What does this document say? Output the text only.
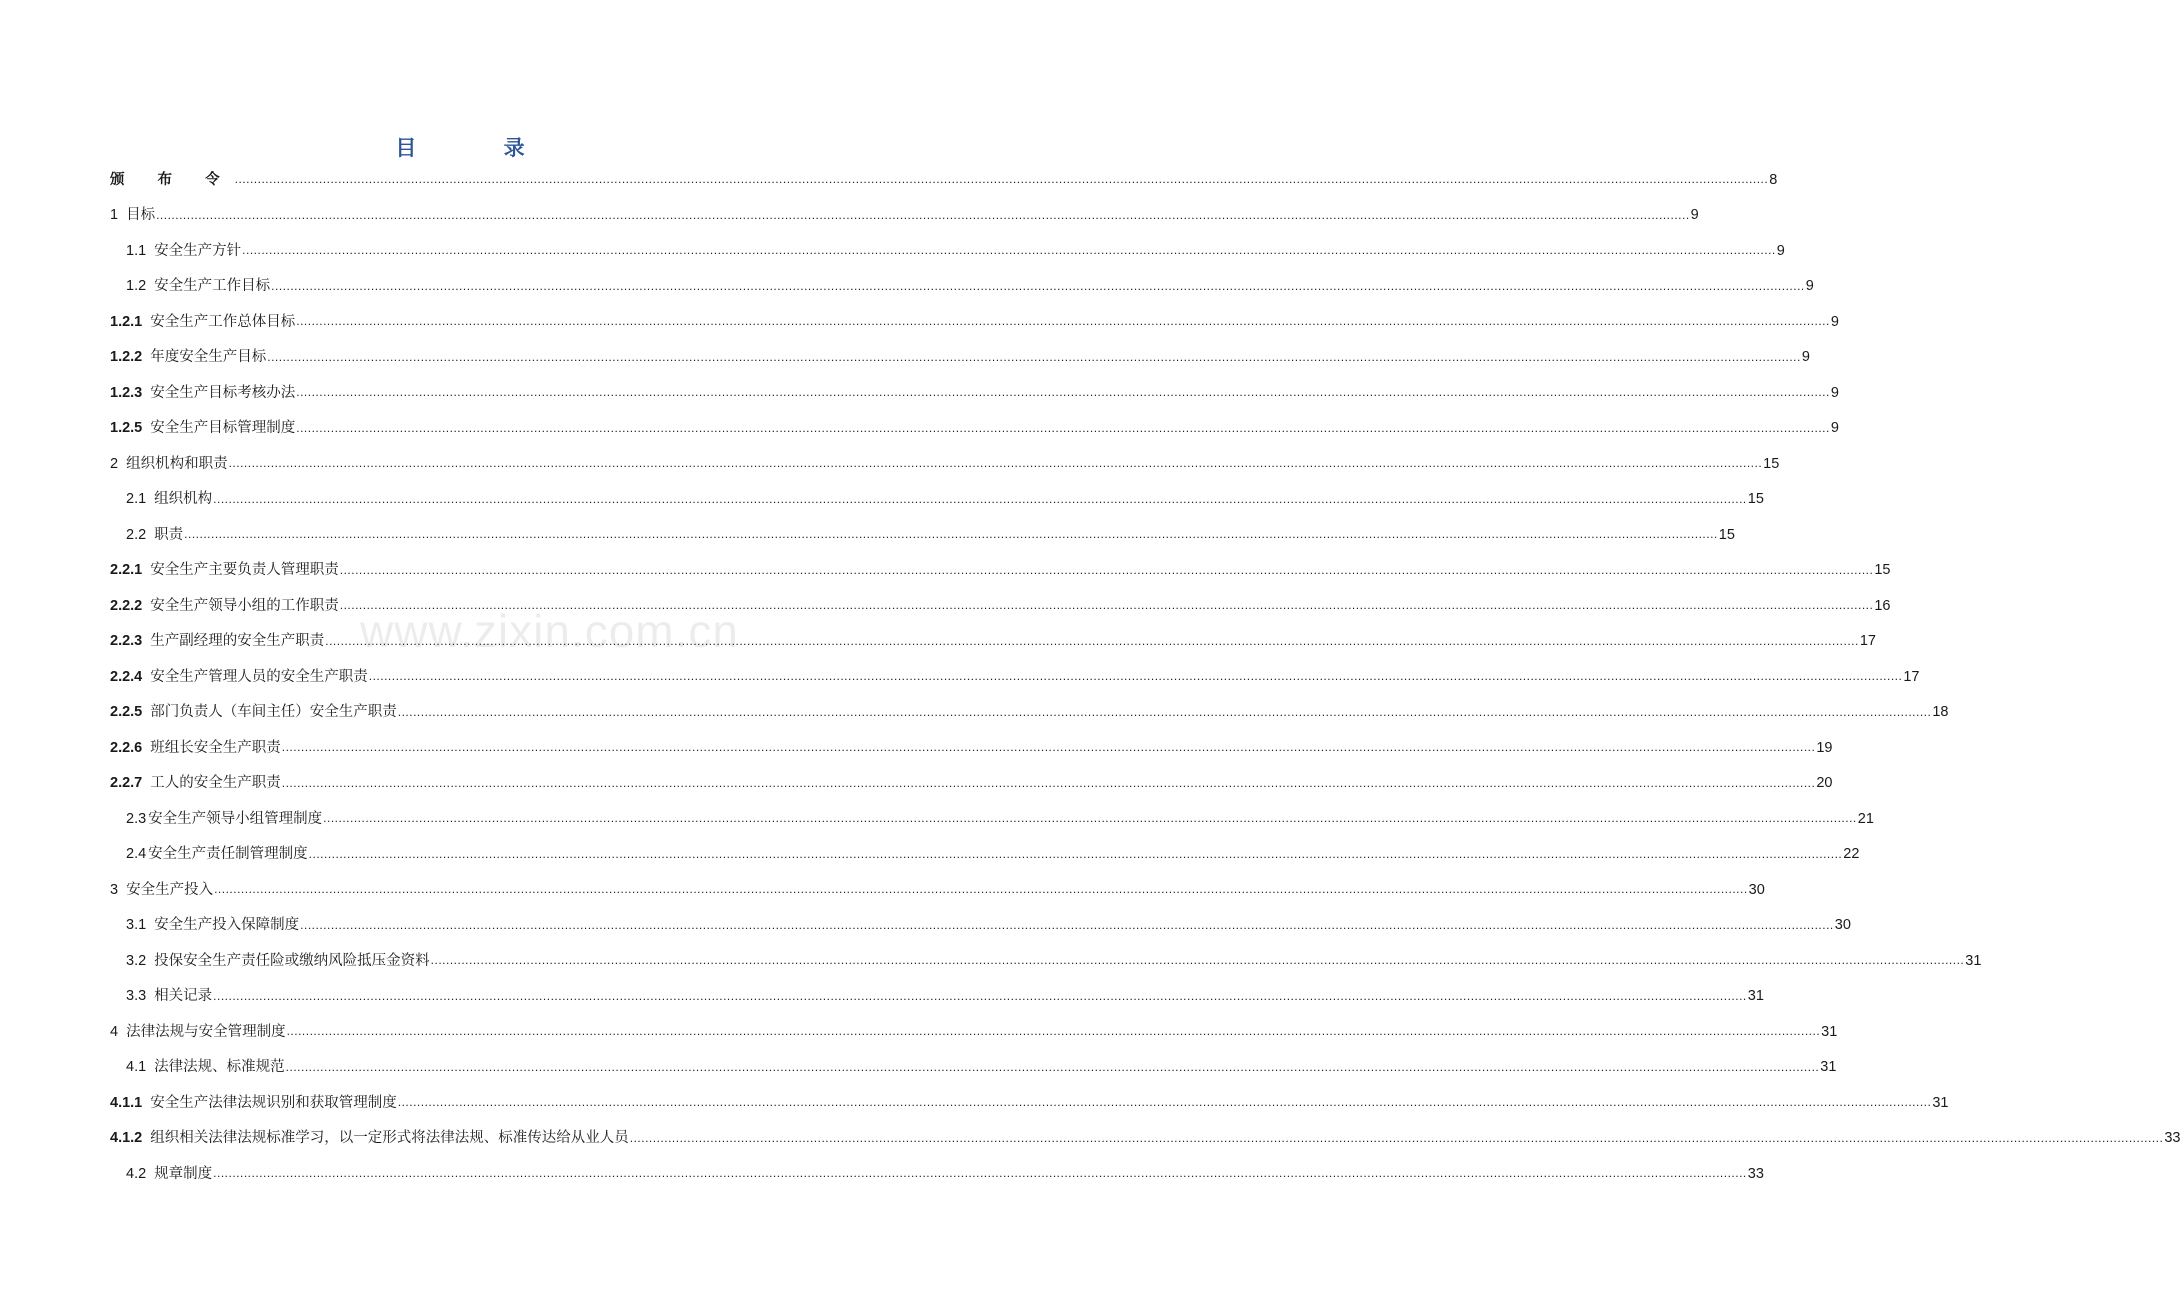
www.zixin.com.cn
目 录
颁 布 令 ................................................................................................................................................................................................................................................................................................................................................................................................................ 8
1 目标 ................................................................................................................................................................................................................................................................................................................................................................................................................ 9
1.1 安全生产方针 ................................................................................................................................................................................................................................................................................................................................................................................................................ 9
1.2 安全生产工作目标 ................................................................................................................................................................................................................................................................................................................................................................................................................ 9
1.2.1 安全生产工作总体目标 ................................................................................................................................................................................................................................................................................................................................................................................................................ 9
1.2.2 年度安全生产目标 ................................................................................................................................................................................................................................................................................................................................................................................................................ 9
1.2.3 安全生产目标考核办法 ................................................................................................................................................................................................................................................................................................................................................................................................................ 9
1.2.5 安全生产目标管理制度 ................................................................................................................................................................................................................................................................................................................................................................................................................ 9
2 组织机构和职责 ................................................................................................................................................................................................................................................................................................................................................................................................................ 15
2.1 组织机构 ................................................................................................................................................................................................................................................................................................................................................................................................................ 15
2.2 职责 ................................................................................................................................................................................................................................................................................................................................................................................................................ 15
2.2.1 安全生产主要负责人管理职责 ................................................................................................................................................................................................................................................................................................................................................................................................................ 15
2.2.2 安全生产领导小组的工作职责 ................................................................................................................................................................................................................................................................................................................................................................................................................ 16
2.2.3 生产副经理的安全生产职责 ................................................................................................................................................................................................................................................................................................................................................................................................................ 17
2.2.4 安全生产管理人员的安全生产职责 ................................................................................................................................................................................................................................................................................................................................................................................................................ 17
2.2.5 部门负责人（车间主任）安全生产职责 ................................................................................................................................................................................................................................................................................................................................................................................................................ 18
2.2.6 班组长安全生产职责 ................................................................................................................................................................................................................................................................................................................................................................................................................ 19
2.2.7 工人的安全生产职责 ................................................................................................................................................................................................................................................................................................................................................................................................................ 20
2.3 安全生产领导小组管理制度 ................................................................................................................................................................................................................................................................................................................................................................................................................ 21
2.4 安全生产责任制管理制度 ................................................................................................................................................................................................................................................................................................................................................................................................................ 22
3 安全生产投入 ................................................................................................................................................................................................................................................................................................................................................................................................................ 30
3.1 安全生产投入保障制度 ................................................................................................................................................................................................................................................................................................................................................................................................................ 30
3.2 投保安全生产责任险或缴纳风险抵压金资料 ................................................................................................................................................................................................................................................................................................................................................................................................................ 31
3.3 相关记录 ................................................................................................................................................................................................................................................................................................................................................................................................................ 31
4 法律法规与安全管理制度 ................................................................................................................................................................................................................................................................................................................................................................................................................ 31
4.1 法律法规、标准规范 ................................................................................................................................................................................................................................................................................................................................................................................................................ 31
4.1.1 安全生产法律法规识别和获取管理制度 ................................................................................................................................................................................................................................................................................................................................................................................................................ 31
4.1.2 组织相关法律法规标准学习，以一定形式将法律法规、标准传达给从业人员 ................................................................................................................................................................................................................................................................................................................................................................................................................ 33
4.2 规章制度 ................................................................................................................................................................................................................................................................................................................................................................................................................ 33
